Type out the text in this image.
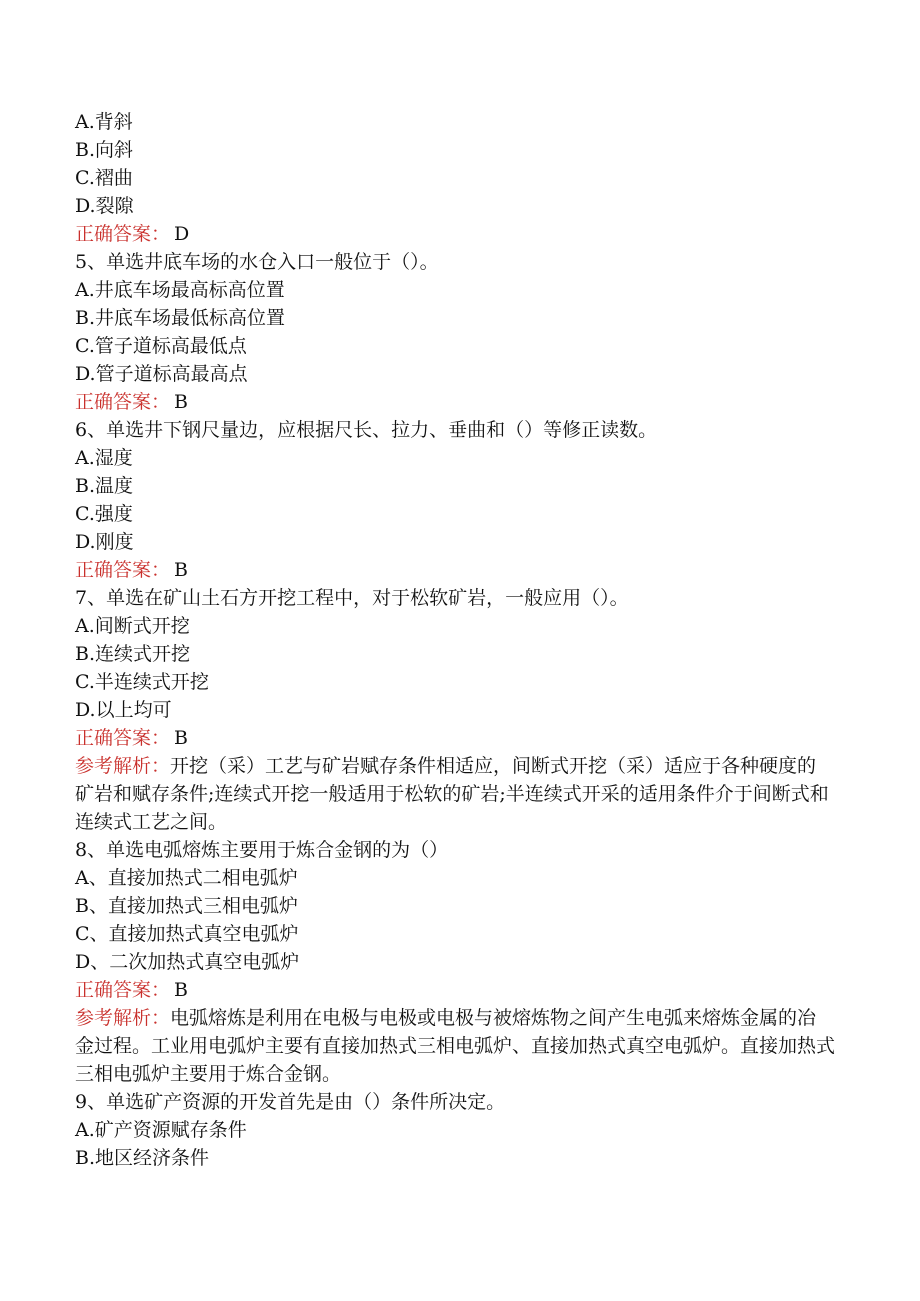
A.背斜
B.向斜
C.褶曲
D.裂隙
正确答案： D
5、单选井底车场的水仓入口一般位于（）。
A.井底车场最高标高位置
B.井底车场最低标高位置
C.管子道标高最低点
D.管子道标高最高点
正确答案： B
6、单选井下钢尺量边，应根据尺长、拉力、垂曲和（）等修正读数。
A.湿度
B.温度
C.强度
D.刚度
正确答案： B
7、单选在矿山土石方开挖工程中，对于松软矿岩，一般应用（）。
A.间断式开挖
B.连续式开挖
C.半连续式开挖
D.以上均可
正确答案： B
参考解析：开挖（采）工艺与矿岩赋存条件相适应，间断式开挖（采）适应于各种硬度的矿岩和赋存条件;连续式开挖一般适用于松软的矿岩;半连续式开采的适用条件介于间断式和连续式工艺之间。
8、单选电弧熔炼主要用于炼合金钢的为（）
A、直接加热式二相电弧炉
B、直接加热式三相电弧炉
C、直接加热式真空电弧炉
D、二次加热式真空电弧炉
正确答案： B
参考解析：电弧熔炼是利用在电极与电极或电极与被熔炼物之间产生电弧来熔炼金属的冶金过程。工业用电弧炉主要有直接加热式三相电弧炉、直接加热式真空电弧炉。直接加热式三相电弧炉主要用于炼合金钢。
9、单选矿产资源的开发首先是由（）条件所决定。
A.矿产资源赋存条件
B.地区经济条件
